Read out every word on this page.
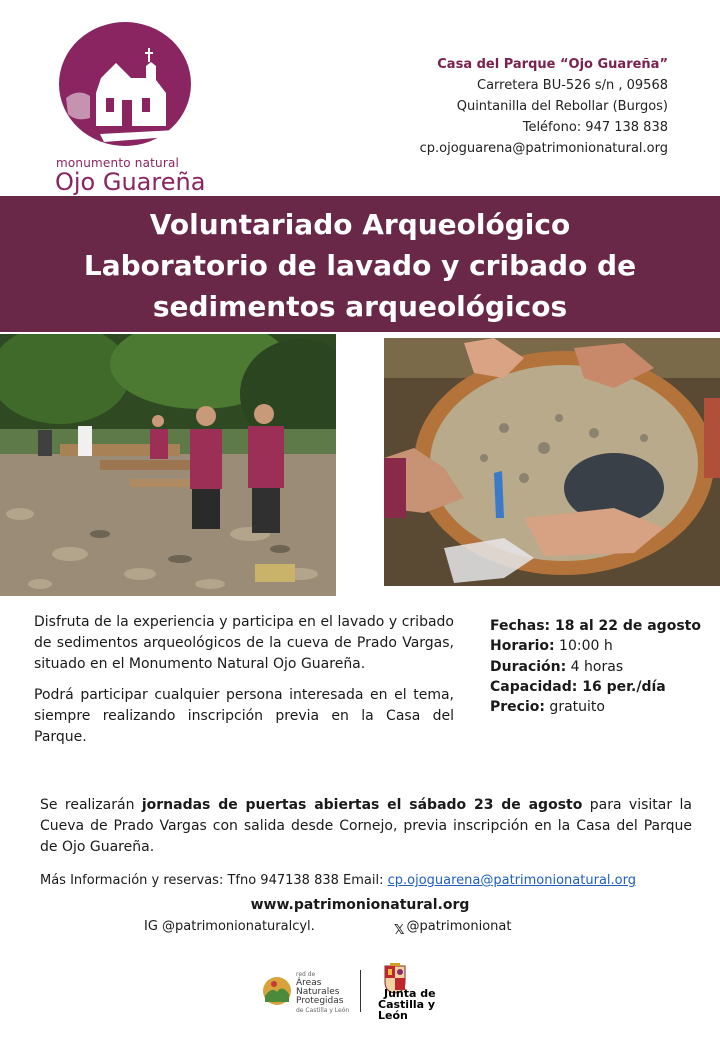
monumento natural
Ojo Guareña
Casa del Parque “Ojo Guareña”
Carretera BU-526 s/n , 09568
Quintanilla del Rebollar (Burgos)
Teléfono: 947 138 838
cp.ojoguarena@patrimonionatural.org
Voluntariado Arqueológico
Laboratorio de lavado y cribado de
sedimentos arqueológicos

Disfruta de la experiencia y participa en el lavado y cribado de sedimentos arqueológicos de la cueva de Prado Vargas, situado en el Monumento Natural Ojo Guareña.

Podrá participar cualquier persona interesada en el tema, siempre realizando inscripción previa en la Casa del Parque.

Fechas: 18 al 22 de agosto
Horario: 10:00 h
Duración: 4 horas
Capacidad: 16 per./día
Precio: gratuito
Se realizarán jornadas de puertas abiertas el sábado 23 de agosto para visitar la Cueva de Prado Vargas con salida desde Cornejo, previa inscripción en la Casa del Parque de Ojo Guareña.
Más Información y reservas: Tfno 947138 838 Email: cp.ojoguarena@patrimonionatural.org
www.patrimonionatural.org
IG @patrimonionaturalcyl.	𝕏 @patrimonionat
red de
Áreas
Naturales
Protegidas
de Castilla y León
Junta de
Castilla y León
